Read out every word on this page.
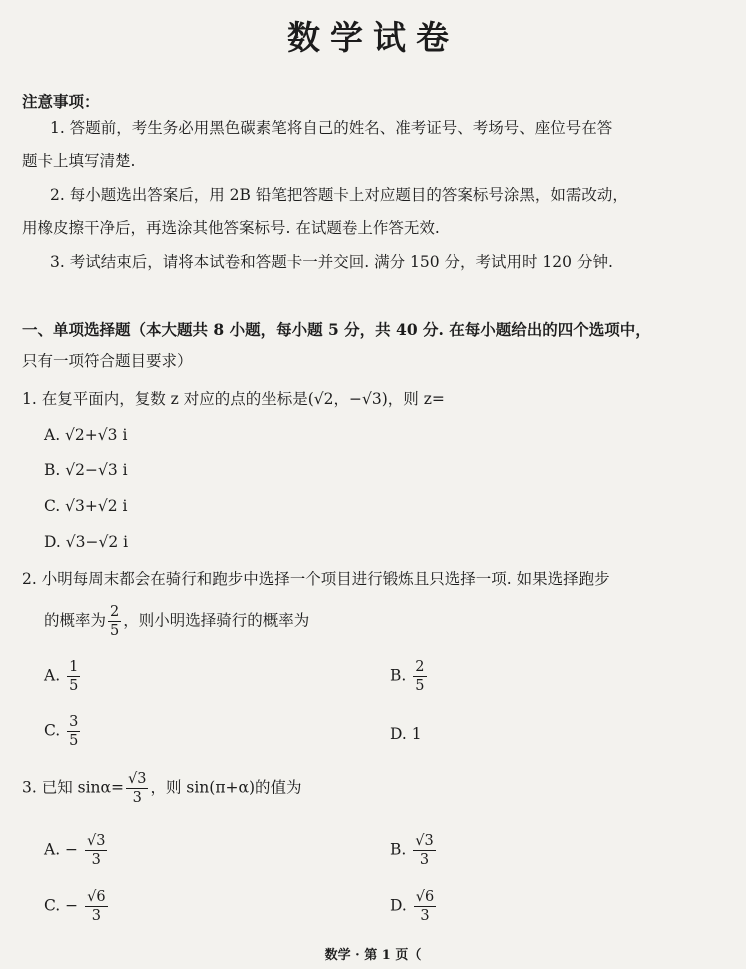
数学试卷
注意事项：
1. 答题前，考生务必用黑色碳素笔将自己的姓名、准考证号、考场号、座位号在答
题卡上填写清楚.
2. 每小题选出答案后，用 2B 铅笔把答题卡上对应题目的答案标号涂黑，如需改动，
用橡皮擦干净后，再选涂其他答案标号. 在试题卷上作答无效.
3. 考试结束后，请将本试卷和答题卡一并交回. 满分 150 分，考试用时 120 分钟.
一、单项选择题（本大题共 8 小题，每小题 5 分，共 40 分. 在每小题给出的四个选项中，
只有一项符合题目要求）
1. 在复平面内，复数 z 对应的点的坐标是(√2，−√3)，则 z=
A. √2+√3 i
B. √2−√3 i
C. √3+√2 i
D. √3−√2 i
2. 小明每周末都会在骑行和跑步中选择一个项目进行锻炼且只选择一项. 如果选择跑步
的概率为 $\frac{2}{5}$ ，则小明选择骑行的概率为
A. $\frac{1}{5}$	B. $\frac{2}{5}$
C. $\frac{3}{5}$	D. 1
3. 已知 $\sin\alpha= \frac{√3}{3}$ ，则 sin(π+α)的值为
A. − $\frac{√3}{3}$	B. $\frac{√3}{3}$
C. − $\frac{√6}{3}$	D. $\frac{√6}{3}$
数学 · 第 1 页（
